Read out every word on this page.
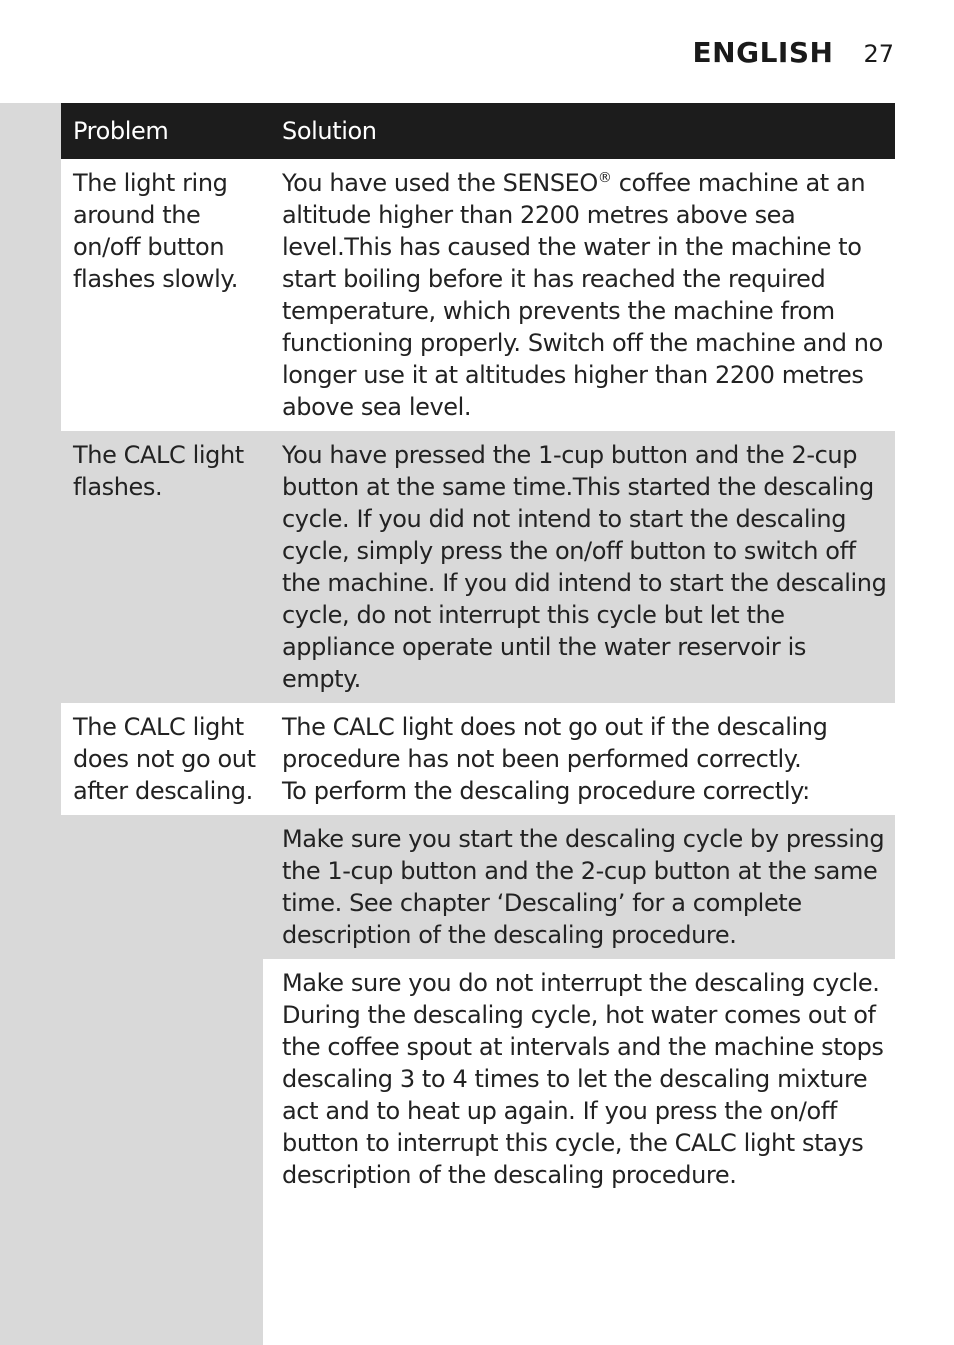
ENGLISH 27
Problem	Solution

The light ring around the on/off button flashes slowly.	You have used the SENSEO® coffee machine at an altitude higher than 2200 metres above sea level.This has caused the water in the machine to start boiling before it has reached the required temperature, which prevents the machine from functioning properly. Switch off the machine and no longer use it at altitudes higher than 2200 metres above sea level.

The CALC light flashes.	You have pressed the 1-cup button and the 2-cup button at the same time.This started the descaling cycle. If you did not intend to start the descaling cycle, simply press the on/off button to switch off the machine. If you did intend to start the descaling cycle, do not interrupt this cycle but let the appliance operate until the water reservoir is empty.

The CALC light does not go out after descaling.	The CALC light does not go out if the descaling procedure has not been performed correctly.
To perform the descaling procedure correctly:

	Make sure you start the descaling cycle by pressing the 1-cup button and the 2-cup button at the same time. See chapter ‘Descaling’ for a complete description of the descaling procedure.

	Make sure you do not interrupt the descaling cycle. During the descaling cycle, hot water comes out of the coffee spout at intervals and the machine stops descaling 3 to 4 times to let the descaling mixture act and to heat up again. If you press the on/off button to interrupt this cycle, the CALC light stays description of the descaling procedure.
